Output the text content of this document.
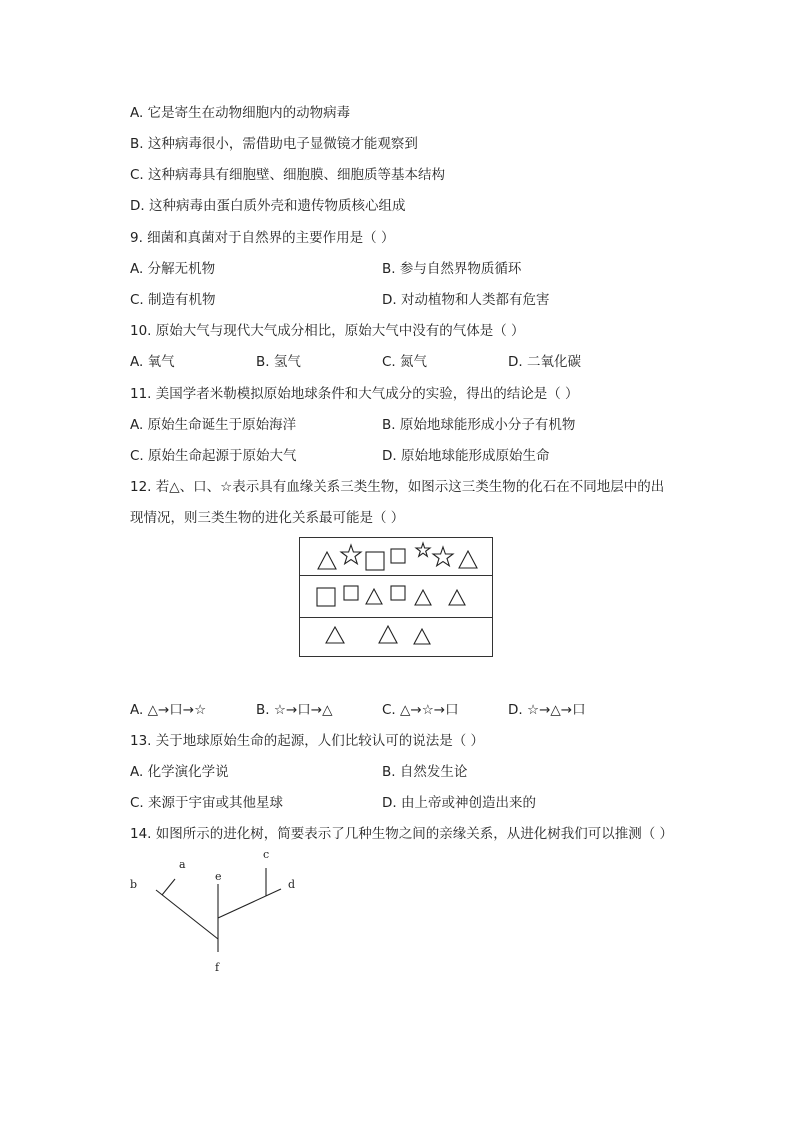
A. 它是寄生在动物细胞内的动物病毒
B. 这种病毒很小，需借助电子显微镜才能观察到
C. 这种病毒具有细胞壁、细胞膜、细胞质等基本结构
D. 这种病毒由蛋白质外壳和遗传物质核心组成
9. 细菌和真菌对于自然界的主要作用是（ ）
A. 分解无机物	B. 参与自然界物质循环
C. 制造有机物	D. 对动植物和人类都有危害
10. 原始大气与现代大气成分相比，原始大气中没有的气体是（ ）
A. 氧气	B. 氢气	C. 氮气	D. 二氧化碳
11. 美国学者米勒模拟原始地球条件和大气成分的实验，得出的结论是（ ）
A. 原始生命诞生于原始海洋	B. 原始地球能形成小分子有机物
C. 原始生命起源于原始大气	D. 原始地球能形成原始生命
12. 若△、口、☆表示具有血缘关系三类生物，如图示这三类生物的化石在不同地层中的出
现情况，则三类生物的进化关系最可能是（ ）
A. △→口→☆	B. ☆→口→△	C. △→☆→口	D. ☆→△→口
13. 关于地球原始生命的起源，人们比较认可的说法是（ ）
A. 化学演化学说	B. 自然发生论
C. 来源于宇宙或其他星球	D. 由上帝或神创造出来的
14. 如图所示的进化树，简要表示了几种生物之间的亲缘关系，从进化树我们可以推测（ ）
a
b
c
d
e
f
